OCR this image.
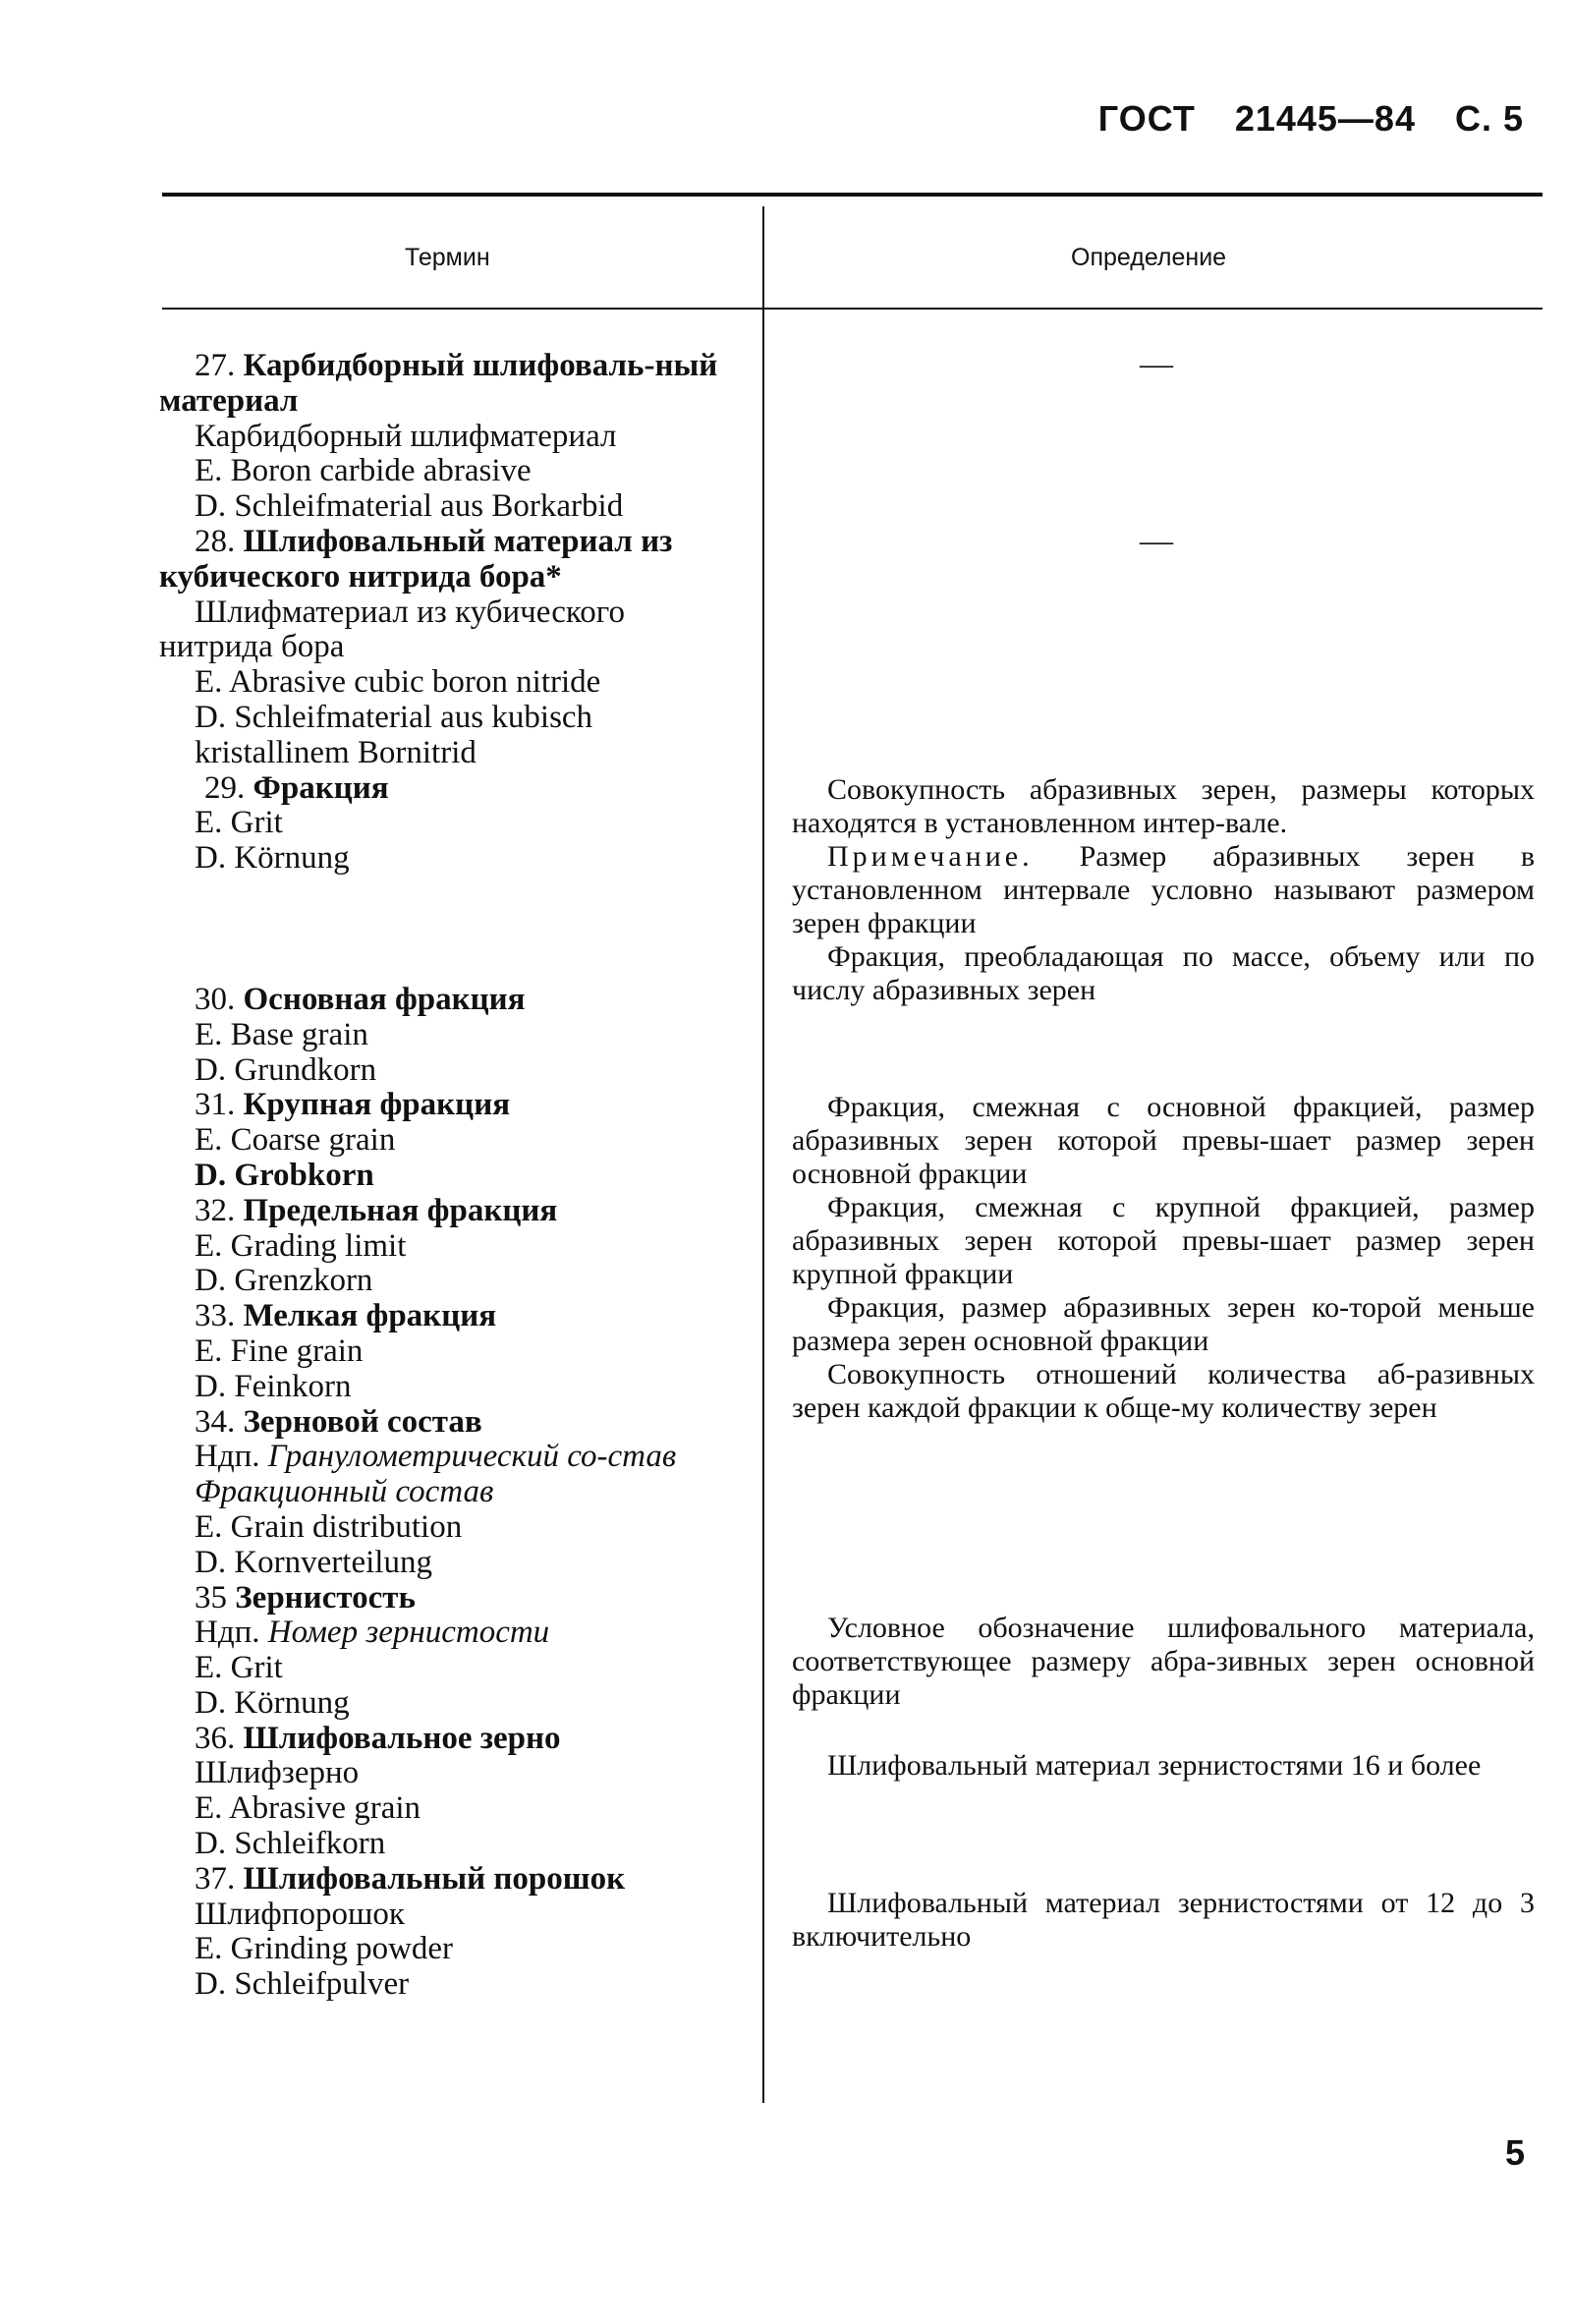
ГОСТ 21445—84 С. 5
Термин	Определение

27. Карбидборный шлифоваль-ный материал

Карбидборный шлифматериал

E. Boron carbide abrasive

D. Schleifmaterial aus Borkarbid

28. Шлифовальный материал из кубического нитрида бора*

Шлифматериал из кубического нитрида бора

E. Abrasive cubic boron nitride

D. Schleifmaterial aus kubisch kristallinem Bornitrid

29. Фракция

E. Grit

D. Körnung

30. Основная фракция

E. Base grain

D. Grundkorn

31. Крупная фракция

E. Coarse grain

D. Grobkorn

32. Предельная фракция

E. Grading limit

D. Grenzkorn

33. Мелкая фракция

E. Fine grain

D. Feinkorn

34. Зерновой состав

Ндп. Гранулометрический со-став

Фракционный состав

E. Grain distribution

D. Kornverteilung

35 Зернистость

Ндп. Номер зернистости

E. Grit

D. Körnung

36. Шлифовальное зерно

Шлифзерно

E. Abrasive grain

D. Schleifkorn

37. Шлифовальный порошок

Шлифпорошок

E. Grinding powder

D. Schleifpulver

—
—

Совокупность абразивных зерен, размеры которых находятся в установленном интер-вале.

Примечание. Размер абразивных зерен в установленном интервале условно называют размером зерен фракции

Фракция, преобладающая по массе, объему или по числу абразивных зерен

Фракция, смежная с основной фракцией, размер абразивных зерен которой превы-шает размер зерен основной фракции

Фракция, смежная с крупной фракцией, размер абразивных зерен которой превы-шает размер зерен крупной фракции

Фракция, размер абразивных зерен ко-торой меньше размера зерен основной фракции

Совокупность отношений количества аб-разивных зерен каждой фракции к обще-му количеству зерен

Условное обозначение шлифовального материала, соответствующее размеру абра-зивных зерен основной фракции
Шлифовальный материал зернистостями 16 и более
Шлифовальный материал зернистостями от 12 до 3 включительно
5
